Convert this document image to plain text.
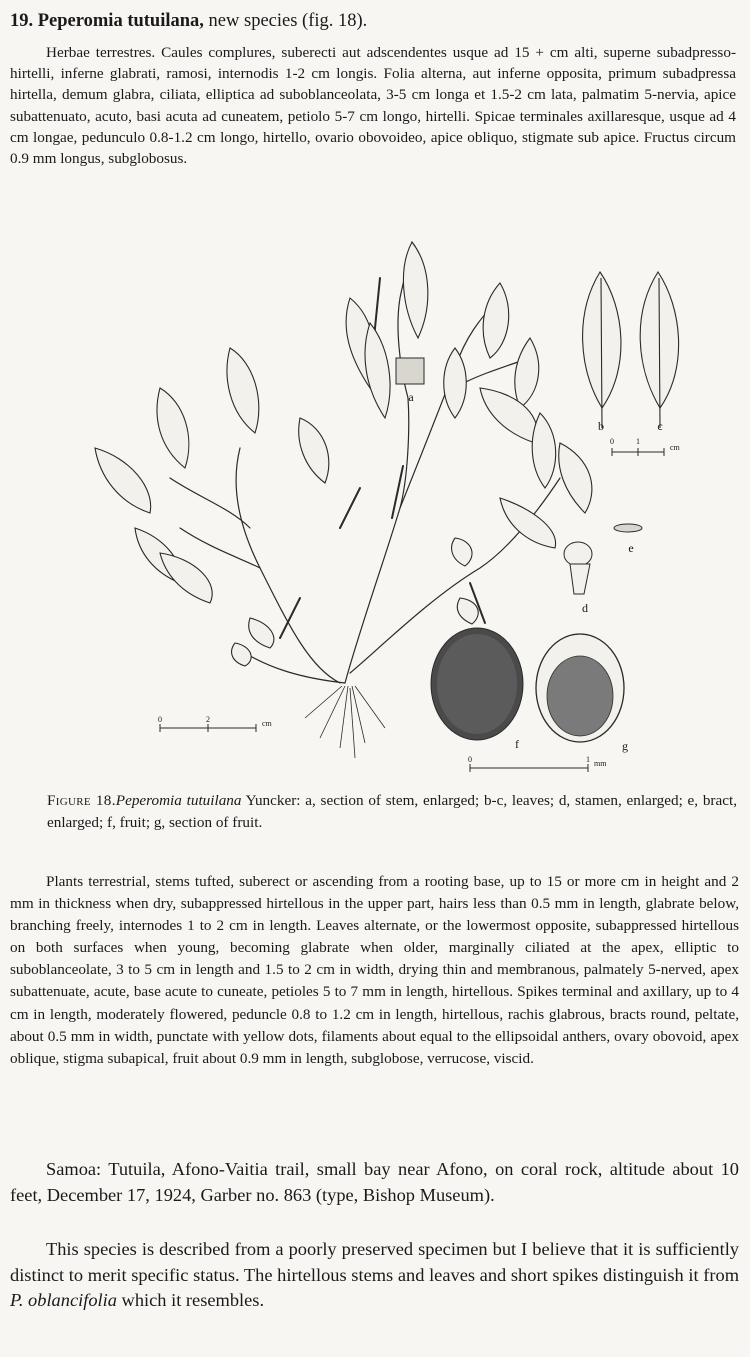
19. Peperomia tutuilana, new species (fig. 18).

Herbae terrestres. Caules complures, suberecti aut adscendentes usque ad 15 + cm alti, superne subadpresso-hirtelli, inferne glabrati, ramosi, internodis 1-2 cm longis. Folia alterna, aut inferne opposita, primum subadpressa hirtella, demum glabra, ciliata, elliptica ad suboblanceolata, 3-5 cm longa et 1.5-2 cm lata, palmatim 5-nervia, apice subattenuato, acuto, basi acuta ad cuneatem, petiolo 5-7 cm longo, hirtelli. Spicae terminales axillaresque, usque ad 4 cm longae, pedunculo 0.8-1.2 cm longo, hirtello, ovario obovoideo, apice obliquo, stigmate sub apice. Fructus circum 0.9 mm longus, subglobosus.

a
b	c
0	1
cm
d
e
f	g
0	2	cm
0	1 mm

Figure 18.Peperomia tutuilana Yuncker: a, section of stem, enlarged; b-c, leaves; d, stamen, enlarged; e, bract, enlarged; f, fruit; g, section of fruit.

Plants terrestrial, stems tufted, suberect or ascending from a rooting base, up to 15 or more cm in height and 2 mm in thickness when dry, subappressed hirtellous in the upper part, hairs less than 0.5 mm in length, glabrate below, branching freely, internodes 1 to 2 cm in length. Leaves alternate, or the lowermost opposite, subappressed hirtellous on both surfaces when young, becoming glabrate when older, marginally ciliated at the apex, elliptic to suboblanceolate, 3 to 5 cm in length and 1.5 to 2 cm in width, drying thin and membranous, palmately 5-nerved, apex subattenuate, acute, base acute to cuneate, petioles 5 to 7 mm in length, hirtellous. Spikes terminal and axillary, up to 4 cm in length, moderately flowered, peduncle 0.8 to 1.2 cm in length, hirtellous, rachis glabrous, bracts round, peltate, about 0.5 mm in width, punctate with yellow dots, filaments about equal to the ellipsoidal anthers, ovary obovoid, apex oblique, stigma subapical, fruit about 0.9 mm in length, subglobose, verrucose, viscid.

Samoa: Tutuila, Afono-Vaitia trail, small bay near Afono, on coral rock, altitude about 10 feet, December 17, 1924, Garber no. 863 (type, Bishop Museum).

This species is described from a poorly preserved specimen but I believe that it is sufficiently distinct to merit specific status. The hirtellous stems and leaves and short spikes distinguish it from P. oblancifolia which it resembles.
